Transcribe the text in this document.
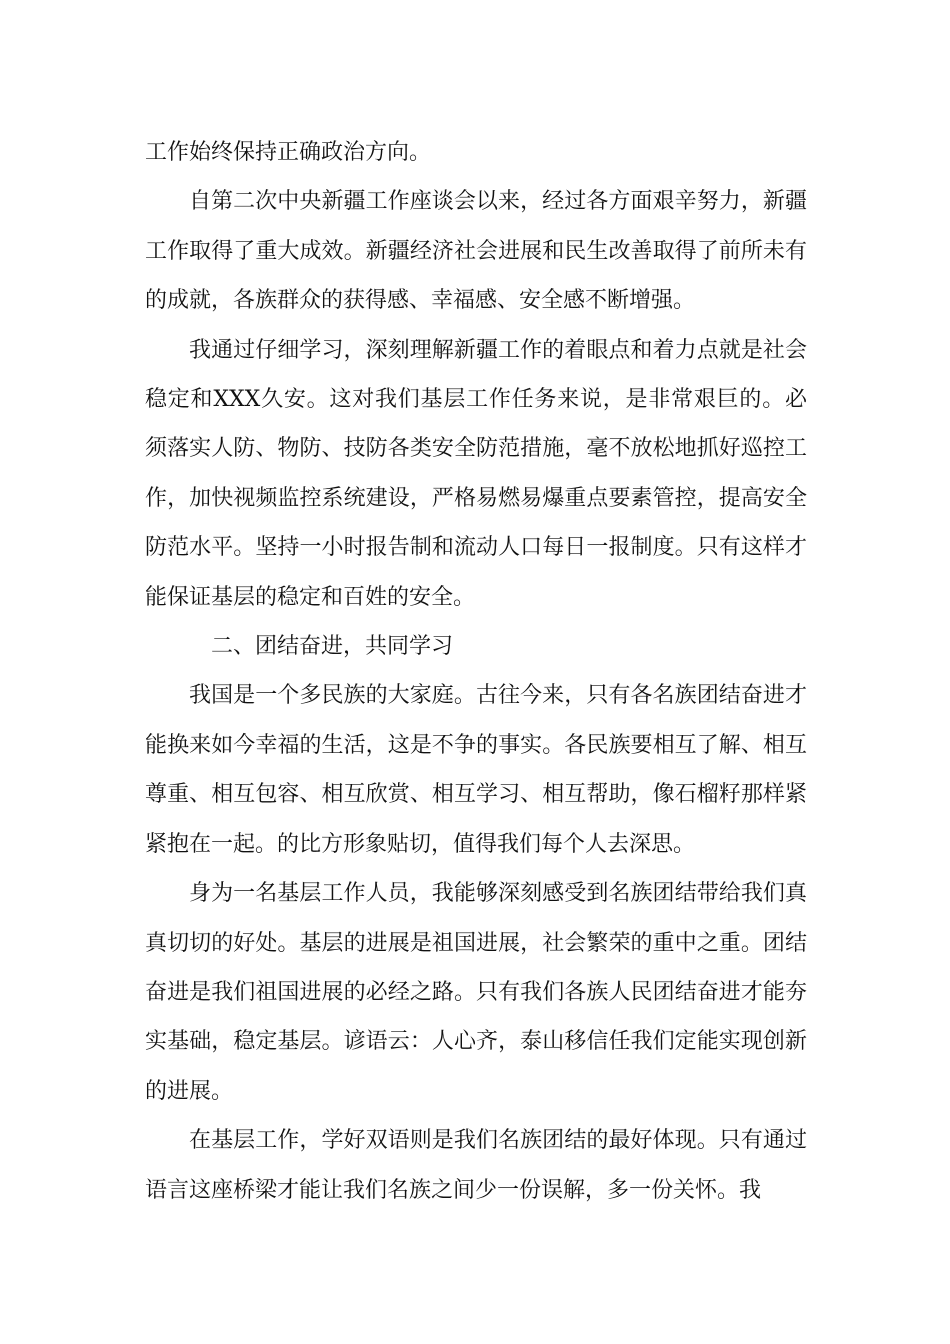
工作始终保持正确政治方向。

自第二次中央新疆工作座谈会以来，经过各方面艰辛努力，新疆工作取得了重大成效。新疆经济社会进展和民生改善取得了前所未有的成就，各族群众的获得感、幸福感、安全感不断增强。

我通过仔细学习，深刻理解新疆工作的着眼点和着力点就是社会稳定和XXX久安。这对我们基层工作任务来说，是非常艰巨的。必须落实人防、物防、技防各类安全防范措施，毫不放松地抓好巡控工作，加快视频监控系统建设，严格易燃易爆重点要素管控，提高安全防范水平。坚持一小时报告制和流动人口每日一报制度。只有这样才能保证基层的稳定和百姓的安全。

二、团结奋进，共同学习

我国是一个多民族的大家庭。古往今来，只有各名族团结奋进才能换来如今幸福的生活，这是不争的事实。各民族要相互了解、相互尊重、相互包容、相互欣赏、相互学习、相互帮助，像石榴籽那样紧紧抱在一起。的比方形象贴切，值得我们每个人去深思。

身为一名基层工作人员，我能够深刻感受到名族团结带给我们真真切切的好处。基层的进展是祖国进展，社会繁荣的重中之重。团结奋进是我们祖国进展的必经之路。只有我们各族人民团结奋进才能夯实基础，稳定基层。谚语云：人心齐，泰山移信任我们定能实现创新的进展。

在基层工作，学好双语则是我们名族团结的最好体现。只有通过语言这座桥梁才能让我们名族之间少一份误解，多一份关怀。我
